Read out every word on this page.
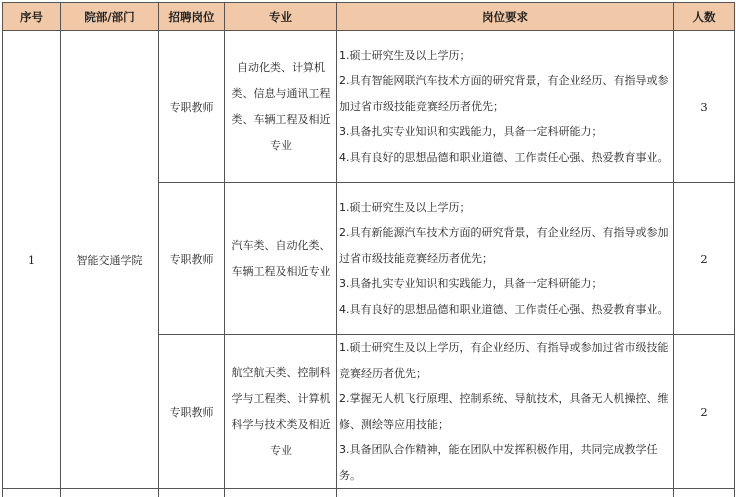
序号	院部/部门	招聘岗位	专业	岗位要求	人数
1	智能交通学院	专职教师	自动化类、计算机类、信息与通讯工程类、车辆工程及相近专业	1.硕士研究生及以上学历；
2.具有智能网联汽车技术方面的研究背景，有企业经历、有指导或参加过省市级技能竞赛经历者优先；
3.具备扎实专业知识和实践能力，具备一定科研能力；
4.具有良好的思想品德和职业道德、工作责任心强、热爱教育事业。	3
		专职教师	汽车类、自动化类、车辆工程及相近专业	1.硕士研究生及以上学历；
2.具有新能源汽车技术方面的研究背景，有企业经历、有指导或参加过省市级技能竞赛经历者优先；
3.具备扎实专业知识和实践能力，具备一定科研能力；
4.具有良好的思想品德和职业道德、工作责任心强、热爱教育事业。	2
		专职教师	航空航天类、控制科学与工程类、计算机科学与技术类及相近专业	1.硕士研究生及以上学历，有企业经历、有指导或参加过省市级技能竞赛经历者优先；
2.掌握无人机飞行原理、控制系统、导航技术，具备无人机操控、维修、测绘等应用技能；
3.具备团队合作精神，能在团队中发挥积极作用，共同完成教学任务。	2
